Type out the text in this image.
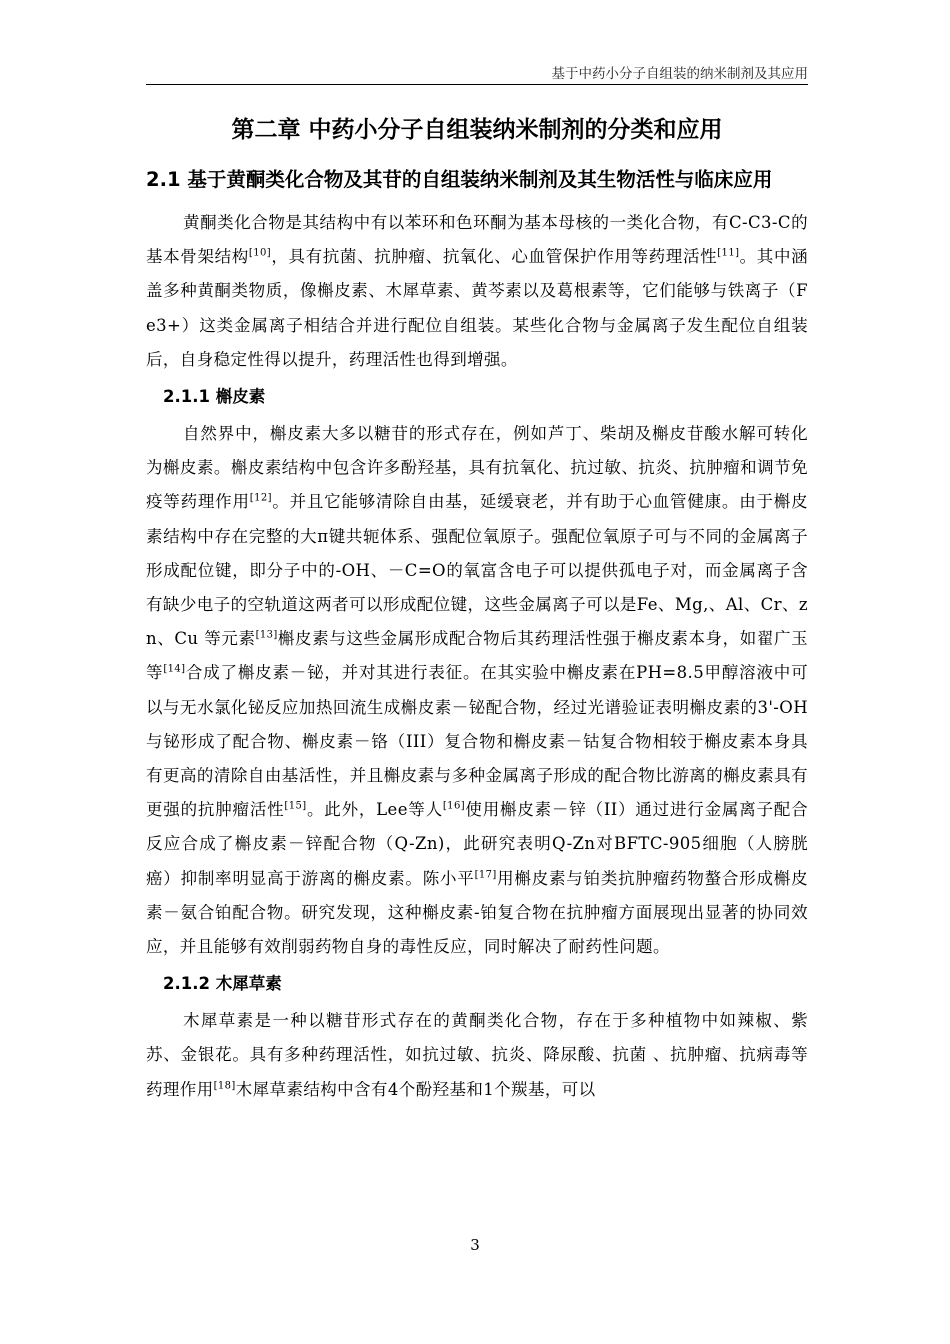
基于中药小分子自组装的纳米制剂及其应用
第二章 中药小分子自组装纳米制剂的分类和应用
2.1 基于黄酮类化合物及其苷的自组装纳米制剂及其生物活性与临床应用

黄酮类化合物是其结构中有以苯环和色环酮为基本母核的一类化合物，有C-C3-C的基本骨架结构[10]，具有抗菌、抗肿瘤、抗氧化、心血管保护作用等药理活性[11]。其中涵盖多种黄酮类物质，像槲皮素、木犀草素、黄芩素以及葛根素等，它们能够与铁离子（Fe3+）这类金属离子相结合并进行配位自组装。某些化合物与金属离子发生配位自组装后，自身稳定性得以提升，药理活性也得到增强。

2.1.1 槲皮素

自然界中，槲皮素大多以糖苷的形式存在，例如芦丁、柴胡及槲皮苷酸水解可转化为槲皮素。槲皮素结构中包含许多酚羟基，具有抗氧化、抗过敏、抗炎、抗肿瘤和调节免疫等药理作用[12]。并且它能够清除自由基，延缓衰老，并有助于心血管健康。由于槲皮素结构中存在完整的大π键共轭体系、强配位氧原子。强配位氧原子可与不同的金属离子形成配位键，即分子中的-OH、－C=O的氧富含电子可以提供孤电子对，而金属离子含有缺少电子的空轨道这两者可以形成配位键，这些金属离子可以是Fe、Mg,、Al、Cr、zn、Cu 等元素[13]槲皮素与这些金属形成配合物后其药理活性强于槲皮素本身，如翟广玉等[14]合成了槲皮素－铋，并对其进行表征。在其实验中槲皮素在PH=8.5甲醇溶液中可以与无水氯化铋反应加热回流生成槲皮素－铋配合物，经过光谱验证表明槲皮素的3'-OH与铋形成了配合物、槲皮素－铬（III）复合物和槲皮素－钴复合物相较于槲皮素本身具有更高的清除自由基活性，并且槲皮素与多种金属离子形成的配合物比游离的槲皮素具有更强的抗肿瘤活性[15]。此外，Lee等人[16]使用槲皮素－锌（II）通过进行金属离子配合反应合成了槲皮素－锌配合物（Q-Zn)，此研究表明Q-Zn对BFTC-905细胞（人膀胱癌）抑制率明显高于游离的槲皮素。陈小平[17]用槲皮素与铂类抗肿瘤药物螯合形成槲皮素－氨合铂配合物。研究发现，这种槲皮素-铂复合物在抗肿瘤方面展现出显著的协同效应，并且能够有效削弱药物自身的毒性反应，同时解决了耐药性问题。

2.1.2 木犀草素

木犀草素是一种以糖苷形式存在的黄酮类化合物，存在于多种植物中如辣椒、紫苏、金银花。具有多种药理活性，如抗过敏、抗炎、降尿酸、抗菌 、抗肿瘤、抗病毒等药理作用[18]木犀草素结构中含有4个酚羟基和1个羰基，可以

3
